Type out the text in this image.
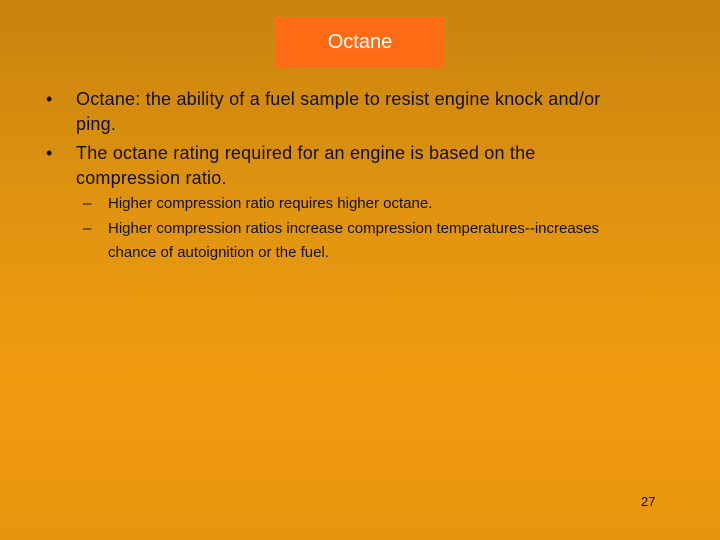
Octane
• Octane: the ability of a fuel sample to resist engine knock and/or ping.
• The octane rating required for an engine is based on the compression ratio.
– Higher compression ratio requires higher octane.
– Higher compression ratios increase compression temperatures--increases chance of autoignition or the fuel.
27
